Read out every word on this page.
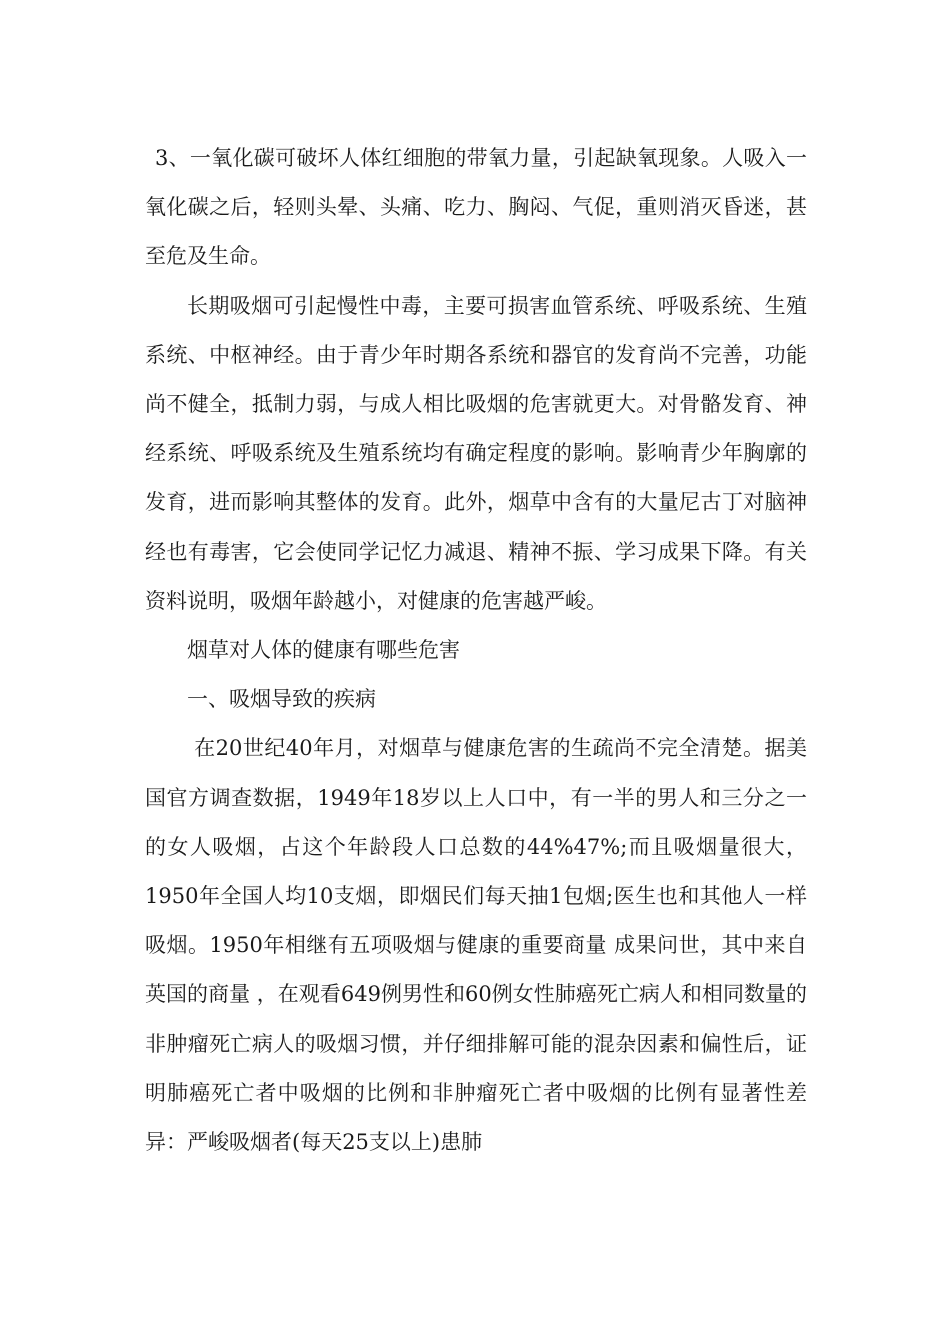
3、一氧化碳可破坏人体红细胞的带氧力量，引起缺氧现象。人吸入一氧化碳之后，轻则头晕、头痛、吃力、胸闷、气促，重则消灭昏迷，甚至危及生命。

长期吸烟可引起慢性中毒，主要可损害血管系统、呼吸系统、生殖系统、中枢神经。由于青少年时期各系统和器官的发育尚不完善，功能尚不健全，抵制力弱，与成人相比吸烟的危害就更大。对骨骼发育、神经系统、呼吸系统及生殖系统均有确定程度的影响。影响青少年胸廓的发育，进而影响其整体的发育。此外，烟草中含有的大量尼古丁对脑神经也有毒害，它会使同学记忆力减退、精神不振、学习成果下降。有关资料说明，吸烟年龄越小，对健康的危害越严峻。

烟草对人体的健康有哪些危害

一、吸烟导致的疾病

在20世纪40年月，对烟草与健康危害的生疏尚不完全清楚。据美国官方调查数据，1949年18岁以上人口中，有一半的男人和三分之一的女人吸烟，占这个年龄段人口总数的44%47%;而且吸烟量很大，1950年全国人均10支烟，即烟民们每天抽1包烟;医生也和其他人一样吸烟。1950年相继有五项吸烟与健康的重要商量 成果问世，其中来自英国的商量 ，在观看649例男性和60例女性肺癌死亡病人和相同数量的非肿瘤死亡病人的吸烟习惯，并仔细排解可能的混杂因素和偏性后，证明肺癌死亡者中吸烟的比例和非肿瘤死亡者中吸烟的比例有显著性差异：严峻吸烟者(每天25支以上)患肺
